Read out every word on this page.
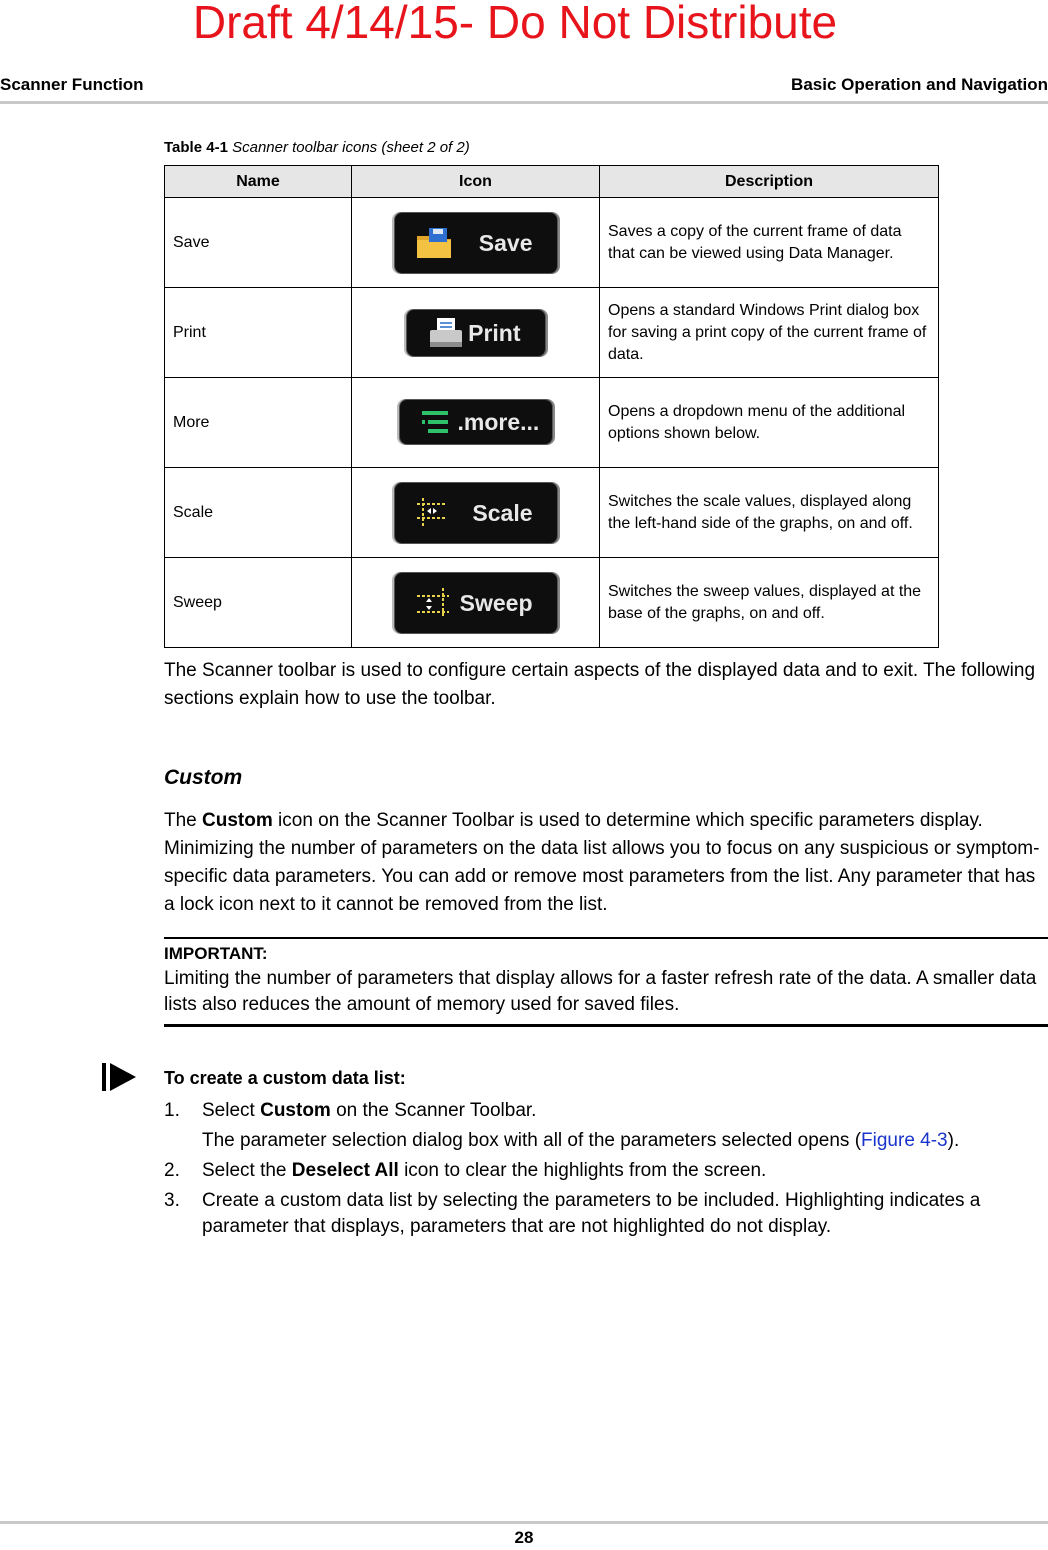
Draft 4/14/15- Do Not Distribute
Scanner Function	Basic Operation and Navigation
Table 4-1 Scanner toolbar icons (sheet 2 of 2)
Name	Icon	Description
Save	Save	Saves a copy of the current frame of data that can be viewed using Data Manager.
Print	Print	Opens a standard Windows Print dialog box for saving a print copy of the current frame of data.
More	.more...	Opens a dropdown menu of the additional options shown below.
Scale	Scale	Switches the scale values, displayed along the left-hand side of the graphs, on and off.
Sweep	Sweep	Switches the sweep values, displayed at the base of the graphs, on and off.
The Scanner toolbar is used to configure certain aspects of the displayed data and to exit. The following sections explain how to use the toolbar.
Custom
The Custom icon on the Scanner Toolbar is used to determine which specific parameters display. Minimizing the number of parameters on the data list allows you to focus on any suspicious or symptom-specific data parameters. You can add or remove most parameters from the list. Any parameter that has a lock icon next to it cannot be removed from the list.
IMPORTANT:
Limiting the number of parameters that display allows for a faster refresh rate of the data. A smaller data lists also reduces the amount of memory used for saved files.
To create a custom data list:
1. Select Custom on the Scanner Toolbar.
The parameter selection dialog box with all of the parameters selected opens (Figure 4-3).
2. Select the Deselect All icon to clear the highlights from the screen.
3. Create a custom data list by selecting the parameters to be included. Highlighting indicates a parameter that displays, parameters that are not highlighted do not display.
28
